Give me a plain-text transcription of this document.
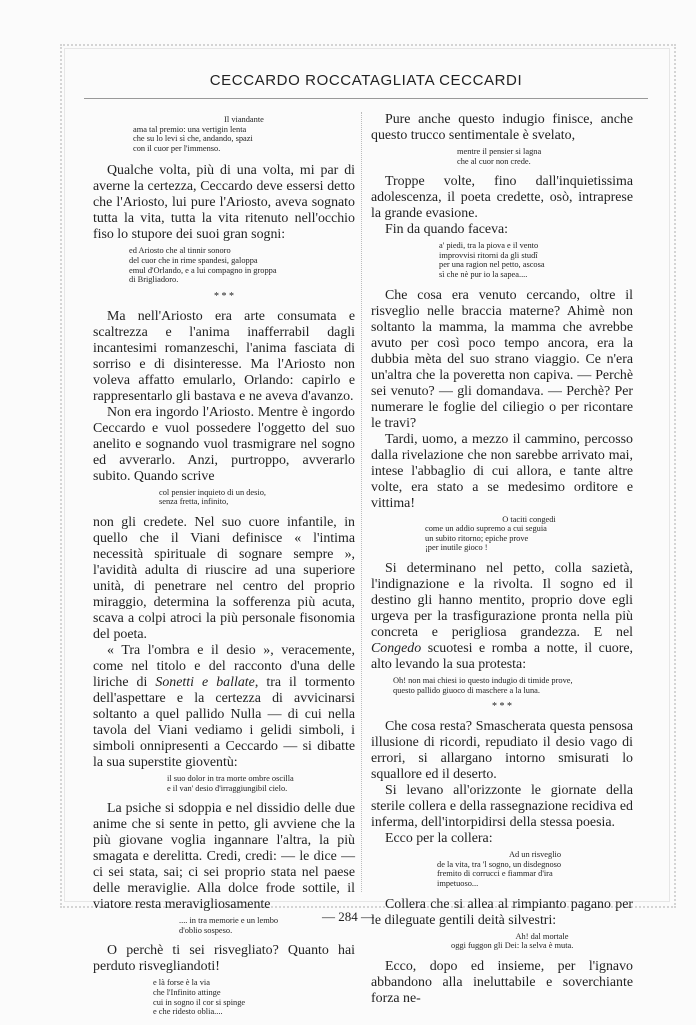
CECCARDO ROCCATAGLIATA CECCARDI
Il viandante
ama tal premio: una vertigin lenta
che su lo levi sì che, andando, spazi
con il cuor per l'immenso.

Qualche volta, più di una volta, mi par di averne la certezza, Ceccardo deve essersi detto che l'Ariosto, lui pure l'Ariosto, aveva sognato tutta la vita, tutta la vita ritenuto nell'occhio fiso lo stupore dei suoi gran sogni:

ed Ariosto che al tinnir sonoro
del cuor che in rime spandesi, galoppa
emul d'Orlando, e a lui compagno in groppa
di Brigliadoro.
* * *

Ma nell'Ariosto era arte consumata e scaltrezza e l'anima inafferrabil dagli incantesimi romanzeschi, l'anima fasciata di sorriso e di disinteresse. Ma l'Ariosto non voleva affatto emularlo, Orlando: capirlo e rappresentarlo gli bastava e ne aveva d'avanzo.

Non era ingordo l'Ariosto. Mentre è ingordo Ceccardo e vuol possedere l'oggetto del suo anelito e sognando vuol trasmigrare nel sogno ed avverarlo. Anzi, purtroppo, avverarlo subito. Quando scrive

col pensier inquieto di un desio,
senza fretta, infinito,

non gli credete. Nel suo cuore infantile, in quello che il Viani definisce « l'intima necessità spirituale di sognare sempre », l'avidità adulta di riuscire ad una superiore unità, di penetrare nel centro del proprio miraggio, determina la sofferenza più acuta, scava a colpi atroci la più personale fisonomia del poeta.

« Tra l'ombra e il desio », veracemente, come nel titolo e del racconto d'una delle liriche di Sonetti e ballate, tra il tormento dell'aspettare e la certezza di avvicinarsi soltanto a quel pallido Nulla — di cui nella tavola del Viani vediamo i gelidi simboli, i simboli onnipresenti a Ceccardo — si dibatte la sua superstite gioventù:

il suo dolor in tra morte ombre oscilla
e il van' desio d'irraggiungibil cielo.

La psiche si sdoppia e nel dissidio delle due anime che si sente in petto, gli avviene che la più giovane voglia ingannare l'altra, la più smagata e derelitta. Credi, credi: — le dice — ci sei stata, sai; ci sei proprio stata nel paese delle meraviglie. Alla dolce frode sottile, il viatore resta meravigliosamente

.... in tra memorie e un lembo
d'oblio sospeso.

O perchè ti sei risvegliato? Quanto hai perduto risvegliandoti!

e là forse è la via
che l'Infinito attinge
cui in sogno il cor si spinge
e che ridesto oblia....

Pure anche questo indugio finisce, anche questo trucco sentimentale è svelato,

mentre il pensier si lagna
che al cuor non crede.

Troppe volte, fino dall'inquietissima adolescenza, il poeta credette, osò, intraprese la grande evasione.

Fin da quando faceva:

a' piedi, tra la piova e il vento
improvvisi ritorni da gli studî
per una ragion nel petto, ascosa
sì che nè pur io la sapea....

Che cosa era venuto cercando, oltre il risveglio nelle braccia materne? Ahimè non soltanto la mamma, la mamma che avrebbe avuto per così poco tempo ancora, era la dubbia mèta del suo strano viaggio. Ce n'era un'altra che la poveretta non capiva. — Perchè sei venuto? — gli domandava. — Perchè? Per numerare le foglie del ciliegio o per ricontare le travi?

Tardi, uomo, a mezzo il cammino, percosso dalla rivelazione che non sarebbe arrivato mai, intese l'abbaglio di cui allora, e tante altre volte, era stato a se medesimo orditore e vittima!

O taciti congedi
come un addio supremo a cui seguia
un subito ritorno; epiche prove
¡per inutile gioco !

Si determinano nel petto, colla sazietà, l'indignazione e la rivolta. Il sogno ed il destino gli hanno mentito, proprio dove egli urgeva per la trasfigurazione pronta nella più concreta e perigliosa grandezza. E nel Congedo scuotesi e romba a notte, il cuore, alto levando la sua protesta:

Oh! non mai chiesi io questo indugio di timide prove,
questo pallido giuoco di maschere a la luna.
* * *

Che cosa resta? Smascherata questa pensosa illusione di ricordi, repudiato il desio vago di errori, si allargano intorno smisurati lo squallore ed il deserto.

Si levano all'orizzonte le giornate della sterile collera e della rassegnazione recidiva ed inferma, dell'intorpidirsi della stessa poesia.

Ecco per la collera:

Ad un risveglio
de la vita, tra 'l sogno, un disdegnoso
fremito di corrucci e fiammar d'ira
impetuoso...

Collera che si allea al rimpianto pagano per le dileguate gentili deità silvestri:

Ah! dal mortale
oggi fuggon gli Dei: la selva è muta.

Ecco, dopo ed insieme, per l'ignavo abbandono alla ineluttabile e soverchiante forza ne-

— 284 —
